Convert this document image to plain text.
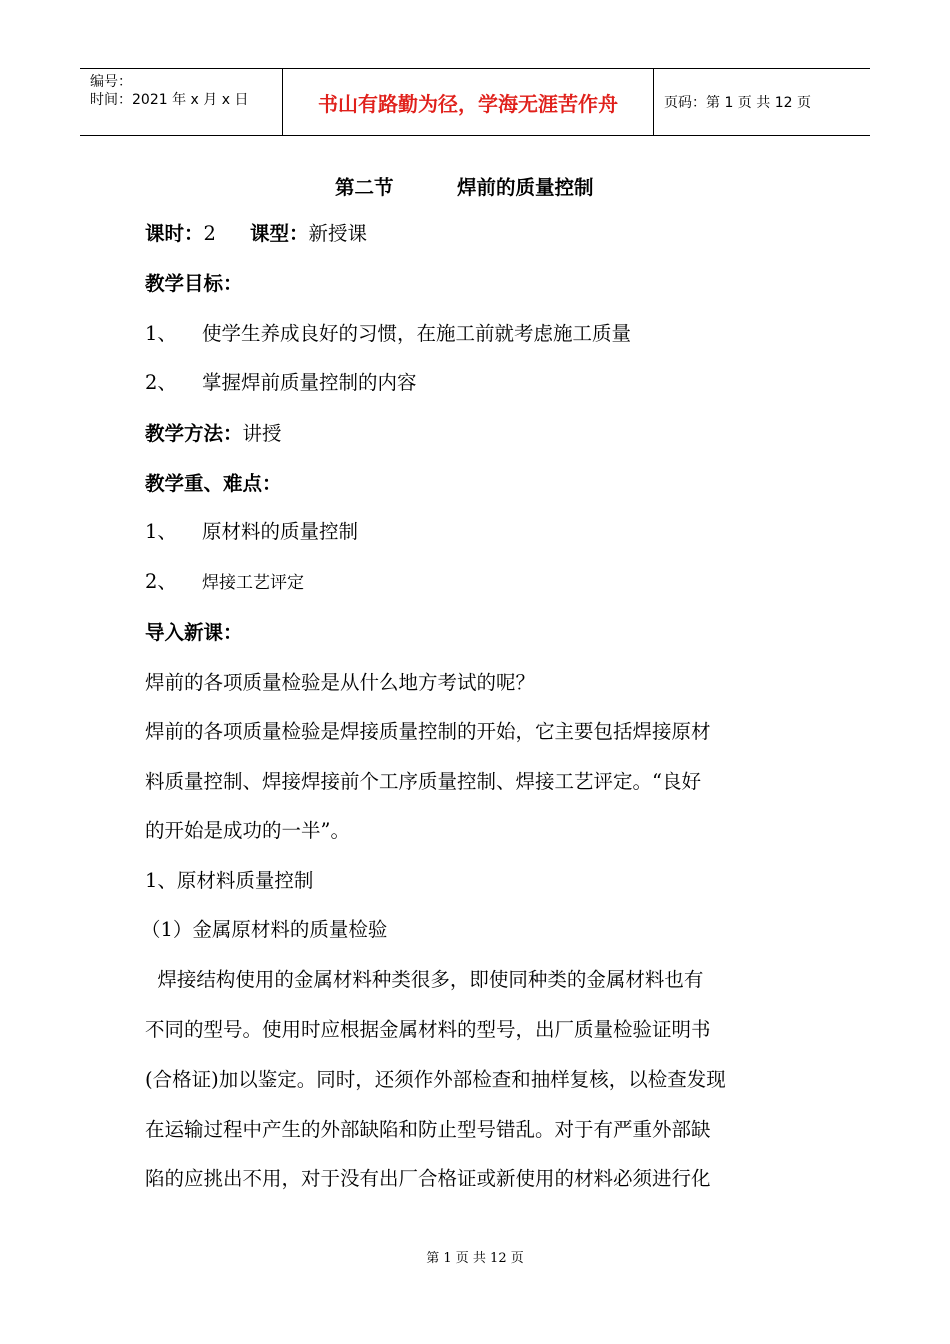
编号：
时间：2021 年 x 月 x 日	书山有路勤为径，学海无涯苦作舟	页码：第 1 页 共 12 页
第二节	焊前的质量控制
课时：2 课型：新授课
教学目标：
1、 使学生养成良好的习惯，在施工前就考虑施工质量
2、 掌握焊前质量控制的内容
教学方法：讲授
教学重、难点：
1、 原材料的质量控制
2、 焊接工艺评定
导入新课：
焊前的各项质量检验是从什么地方考试的呢？
焊前的各项质量检验是焊接质量控制的开始，它主要包括焊接原材
料质量控制、焊接焊接前个工序质量控制、焊接工艺评定。“良好
的开始是成功的一半”。
1、原材料质量控制
（1）金属原材料的质量检验
焊接结构使用的金属材料种类很多，即使同种类的金属材料也有
不同的型号。使用时应根据金属材料的型号，出厂质量检验证明书
(合格证)加以鉴定。同时，还须作外部检查和抽样复核，以检查发现
在运输过程中产生的外部缺陷和防止型号错乱。对于有严重外部缺
陷的应挑出不用，对于没有出厂合格证或新使用的材料必须进行化
第 1 页 共 12 页
